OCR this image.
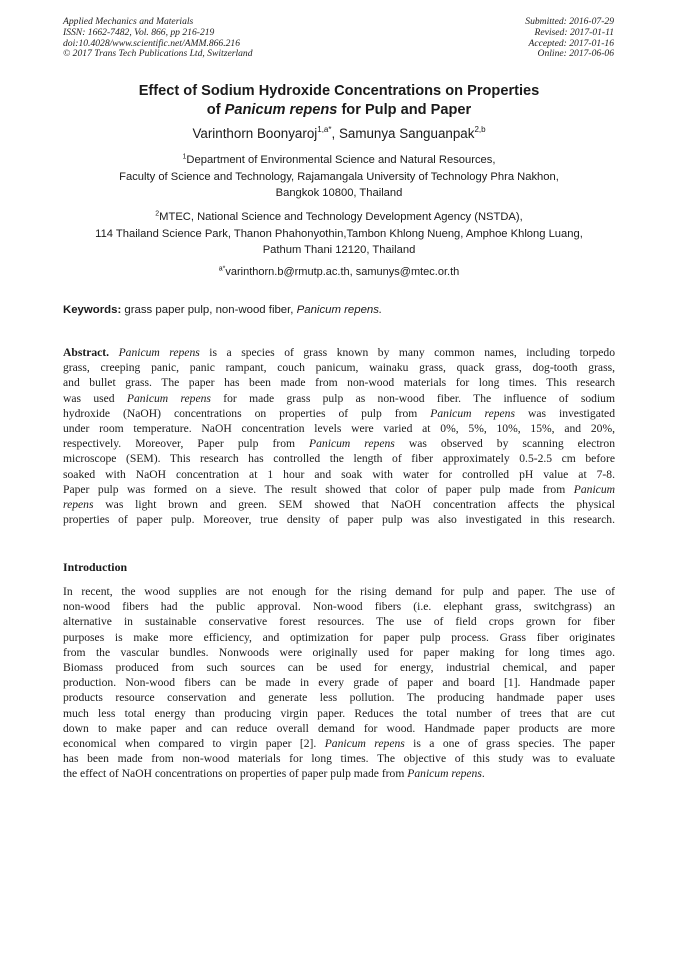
Applied Mechanics and Materials
ISSN: 1662-7482, Vol. 866, pp 216-219
doi:10.4028/www.scientific.net/AMM.866.216
© 2017 Trans Tech Publications Ltd, Switzerland
Submitted: 2016-07-29
Revised: 2017-01-11
Accepted: 2017-01-16
Online: 2017-06-06
Effect of Sodium Hydroxide Concentrations on Properties
of Panicum repens for Pulp and Paper
Varinthorn Boonyaroj$^{1,a*}$, Samunya Sanguanpak$^{2,b}$
$^1$Department of Environmental Science and Natural Resources,
Faculty of Science and Technology, Rajamangala University of Technology Phra Nakhon,
Bangkok 10800, Thailand
$^2$MTEC, National Science and Technology Development Agency (NSTDA),
114 Thailand Science Park, Thanon Phahonyothin,Tambon Khlong Nueng, Amphoe Khlong Luang,
Pathum Thani 12120, Thailand
$^{a*}$varinthorn.b@rmutp.ac.th, samunys@mtec.or.th
Keywords: grass paper pulp, non-wood fiber, Panicum repens.
Abstract. Panicum repens is a species of grass known by many common names, including torpedo
grass, creeping panic, panic rampant, couch panicum, wainaku grass, quack grass, dog-tooth grass,
and bullet grass. The paper has been made from non-wood materials for long times. This research
was used Panicum repens for made grass pulp as non-wood fiber. The influence of sodium
hydroxide (NaOH) concentrations on properties of pulp from Panicum repens was investigated
under room temperature. NaOH concentration levels were varied at 0%, 5%, 10%, 15%, and 20%,
respectively. Moreover, Paper pulp from Panicum repens was observed by scanning electron
microscope (SEM). This research has controlled the length of fiber approximately 0.5-2.5 cm before
soaked with NaOH concentration at 1 hour and soak with water for controlled pH value at 7-8.
Paper pulp was formed on a sieve. The result showed that color of paper pulp made from Panicum
repens was light brown and green. SEM showed that NaOH concentration affects the physical
properties of paper pulp. Moreover, true density of paper pulp was also investigated in this research.
Introduction
In recent, the wood supplies are not enough for the rising demand for pulp and paper. The use of
non-wood fibers had the public approval. Non-wood fibers (i.e. elephant grass, switchgrass) an
alternative in sustainable conservative forest resources. The use of field crops grown for fiber
purposes is make more efficiency, and optimization for paper pulp process. Grass fiber originates
from the vascular bundles. Nonwoods were originally used for paper making for long times ago.
Biomass produced from such sources can be used for energy, industrial chemical, and paper
production. Non-wood fibers can be made in every grade of paper and board [1]. Handmade paper
products resource conservation and generate less pollution. The producing handmade paper uses
much less total energy than producing virgin paper. Reduces the total number of trees that are cut
down to make paper and can reduce overall demand for wood. Handmade paper products are more
economical when compared to virgin paper [2]. Panicum repens is a one of grass species. The paper
has been made from non-wood materials for long times. The objective of this study was to evaluate
the effect of NaOH concentrations on properties of paper pulp made from Panicum repens.
